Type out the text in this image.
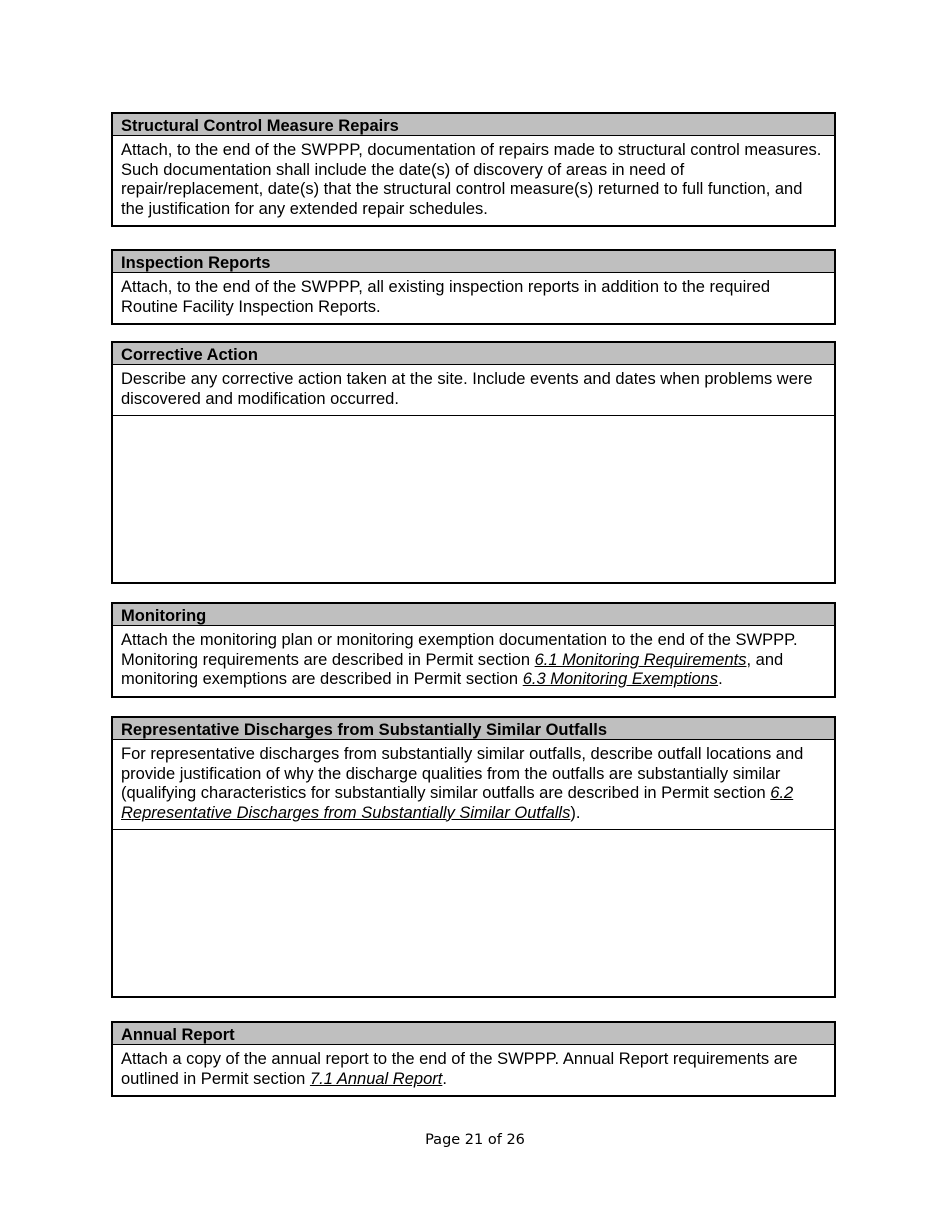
Structural Control Measure Repairs
Attach, to the end of the SWPPP, documentation of repairs made to structural control measures. Such documentation shall include the date(s) of discovery of areas in need of repair/replacement, date(s) that the structural control measure(s) returned to full function, and the justification for any extended repair schedules.
Inspection Reports
Attach, to the end of the SWPPP, all existing inspection reports in addition to the required Routine Facility Inspection Reports.
Corrective Action
Describe any corrective action taken at the site. Include events and dates when problems were discovered and modification occurred.
Monitoring
Attach the monitoring plan or monitoring exemption documentation to the end of the SWPPP. Monitoring requirements are described in Permit section 6.1 Monitoring Requirements, and monitoring exemptions are described in Permit section 6.3 Monitoring Exemptions.
Representative Discharges from Substantially Similar Outfalls
For representative discharges from substantially similar outfalls, describe outfall locations and provide justification of why the discharge qualities from the outfalls are substantially similar (qualifying characteristics for substantially similar outfalls are described in Permit section 6.2 Representative Discharges from Substantially Similar Outfalls).
Annual Report
Attach a copy of the annual report to the end of the SWPPP. Annual Report requirements are outlined in Permit section 7.1 Annual Report.
Page 21 of 26
